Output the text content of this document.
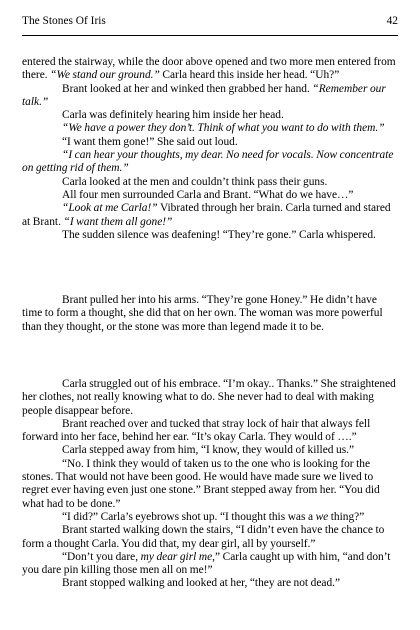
The Stones Of Iris	42

entered the stairway, while the door above opened and two more men entered from there. “We stand our ground.” Carla heard this inside her head. “Uh?”

Brant looked at her and winked then grabbed her hand. “Remember our talk.”

Carla was definitely hearing him inside her head.

“We have a power they don’t. Think of what you want to do with them.”

“I want them gone!” She said out loud.

“I can hear your thoughts, my dear. No need for vocals. Now concentrate on getting rid of them.”

Carla looked at the men and couldn’t think pass their guns.

All four men surrounded Carla and Brant. “What do we have…”

“Look at me Carla!” Vibrated through her brain. Carla turned and stared at Brant. “I want them all gone!”

The sudden silence was deafening! “They’re gone.” Carla whispered.

Brant pulled her into his arms. “They’re gone Honey.” He didn’t have time to form a thought, she did that on her own. The woman was more powerful than they thought, or the stone was more than legend made it to be.

Carla struggled out of his embrace. “I’m okay.. Thanks.” She straightened her clothes, not really knowing what to do. She never had to deal with making people disappear before.

Brant reached over and tucked that stray lock of hair that always fell forward into her face, behind her ear. “It’s okay Carla. They would of ….”

Carla stepped away from him, “I know, they would of killed us.”

“No. I think they would of taken us to the one who is looking for the stones. That would not have been good. He would have made sure we lived to regret ever having even just one stone.” Brant stepped away from her. “You did what had to be done.”

“I did?” Carla’s eyebrows shot up. “I thought this was a we thing?”

Brant started walking down the stairs, “I didn’t even have the chance to form a thought Carla. You did that, my dear girl, all by yourself.”

“Don’t you dare, my dear girl me,” Carla caught up with him, “and don’t you dare pin killing those men all on me!”

Brant stopped walking and looked at her, “they are not dead.”
